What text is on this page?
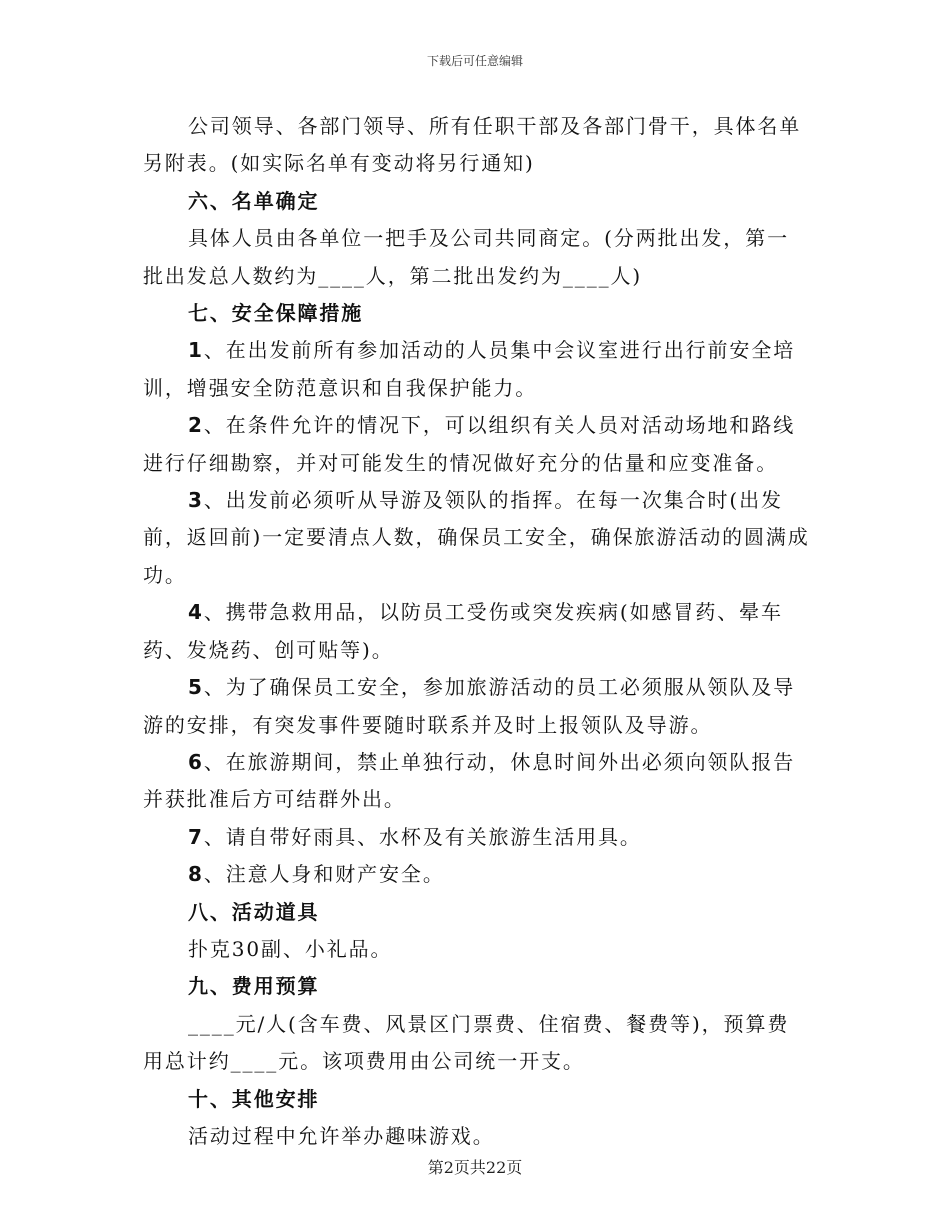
下载后可任意编辑

公司领导、各部门领导、所有任职干部及各部门骨干，具体名单另附表。(如实际名单有变动将另行通知)

六、名单确定

具体人员由各单位一把手及公司共同商定。(分两批出发，第一批出发总人数约为____人，第二批出发约为____人)

七、安全保障措施

1、在出发前所有参加活动的人员集中会议室进行出行前安全培训，增强安全防范意识和自我保护能力。

2、在条件允许的情况下，可以组织有关人员对活动场地和路线进行仔细勘察，并对可能发生的情况做好充分的估量和应变准备。

3、出发前必须听从导游及领队的指挥。在每一次集合时(出发前，返回前)一定要清点人数，确保员工安全，确保旅游活动的圆满成功。

4、携带急救用品，以防员工受伤或突发疾病(如感冒药、晕车药、发烧药、创可贴等)。

5、为了确保员工安全，参加旅游活动的员工必须服从领队及导游的安排，有突发事件要随时联系并及时上报领队及导游。

6、在旅游期间，禁止单独行动，休息时间外出必须向领队报告并获批准后方可结群外出。

7、请自带好雨具、水杯及有关旅游生活用具。

8、注意人身和财产安全。

八、活动道具

扑克30副、小礼品。

九、费用预算

____元/人(含车费、风景区门票费、住宿费、餐费等)，预算费用总计约____元。该项费用由公司统一开支。

十、其他安排

活动过程中允许举办趣味游戏。

第2页共22页
